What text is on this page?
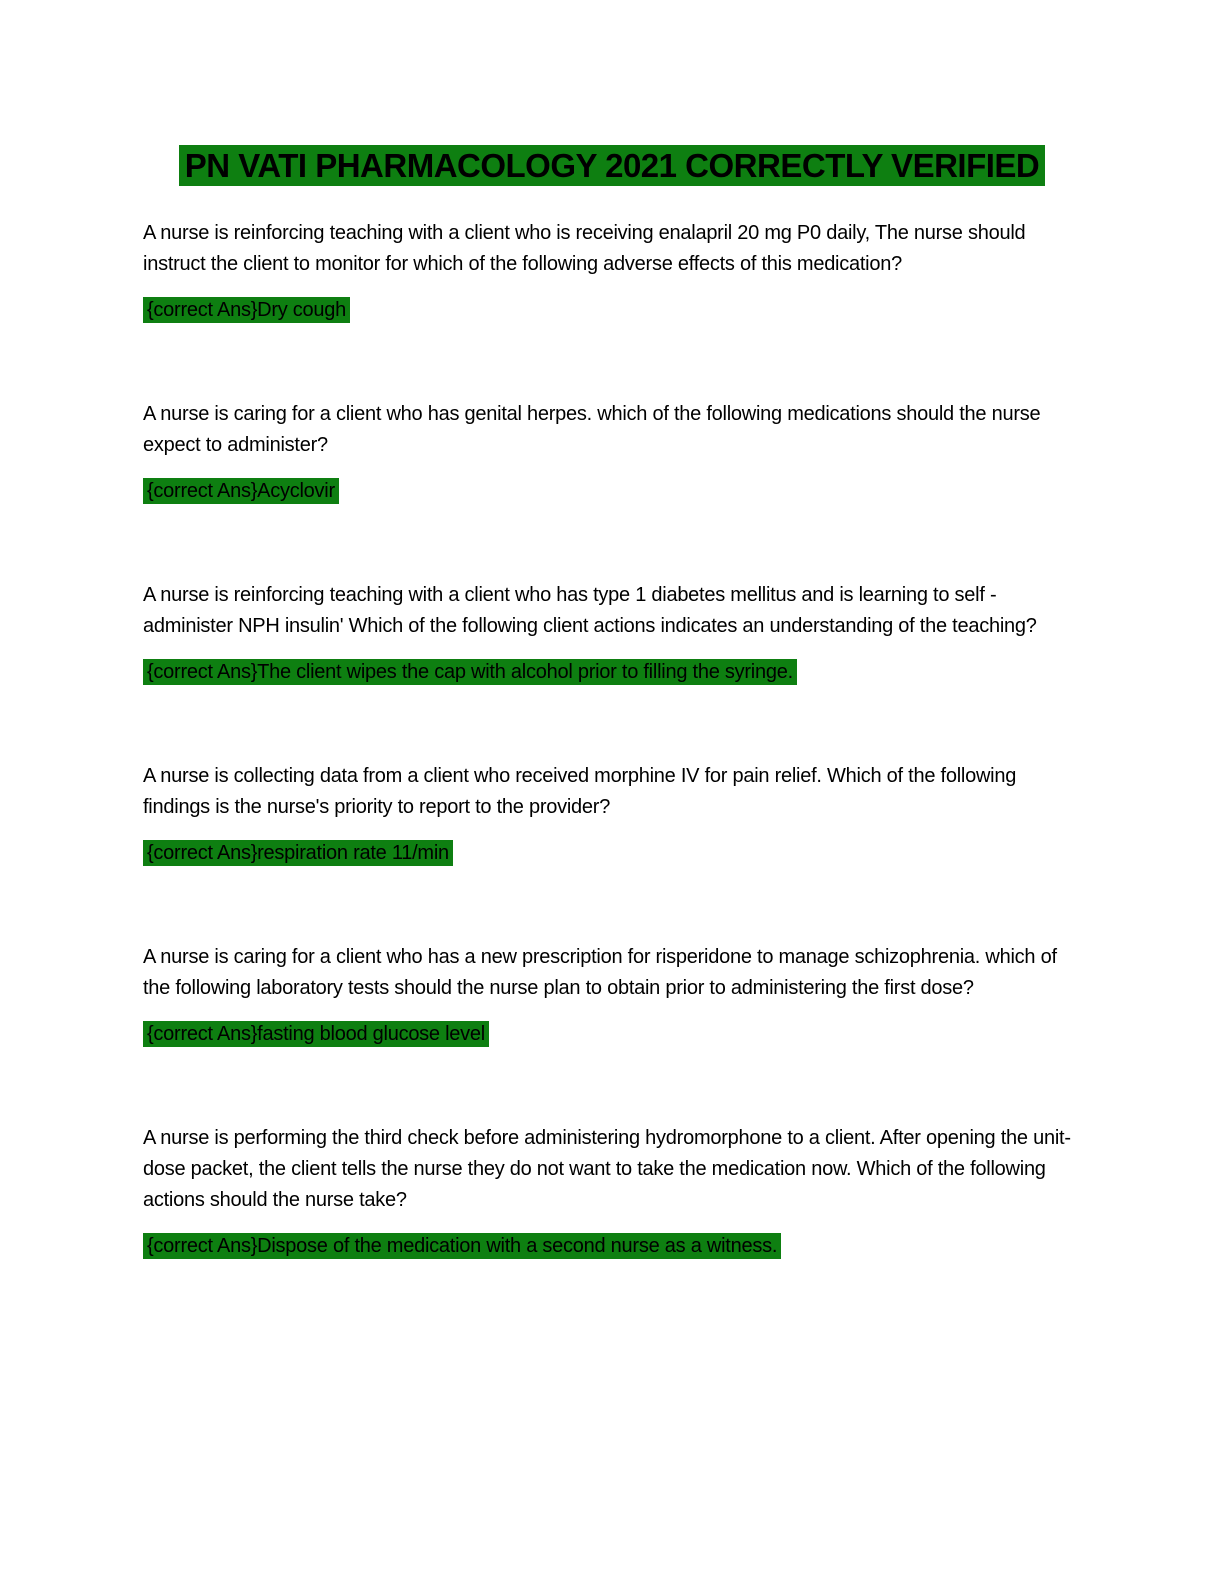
PN VATI PHARMACOLOGY 2021 CORRECTLY VERIFIED

A nurse is reinforcing teaching with a client who is receiving enalapril 20 mg P0 daily, The nurse should instruct the client to monitor for which of the following adverse effects of this medication?

{correct Ans}Dry cough

A nurse is caring for a client who has genital herpes. which of the following medications should the nurse expect to administer?

{correct Ans}Acyclovir

A nurse is reinforcing teaching with a client who has type 1 diabetes mellitus and is learning to self - administer NPH insulin' Which of the following client actions indicates an understanding of the teaching?

{correct Ans}The client wipes the cap with alcohol prior to filling the syringe.

A nurse is collecting data from a client who received morphine IV for pain relief. Which of the following findings is the nurse's priority to report to the provider?

{correct Ans}respiration rate 11/min

A nurse is caring for a client who has a new prescription for risperidone to manage schizophrenia. which of the following laboratory tests should the nurse plan to obtain prior to administering the first dose?

{correct Ans}fasting blood glucose level

A nurse is performing the third check before administering hydromorphone to a client. After opening the unit-dose packet, the client tells the nurse they do not want to take the medication now. Which of the following actions should the nurse take?

{correct Ans}Dispose of the medication with a second nurse as a witness.
